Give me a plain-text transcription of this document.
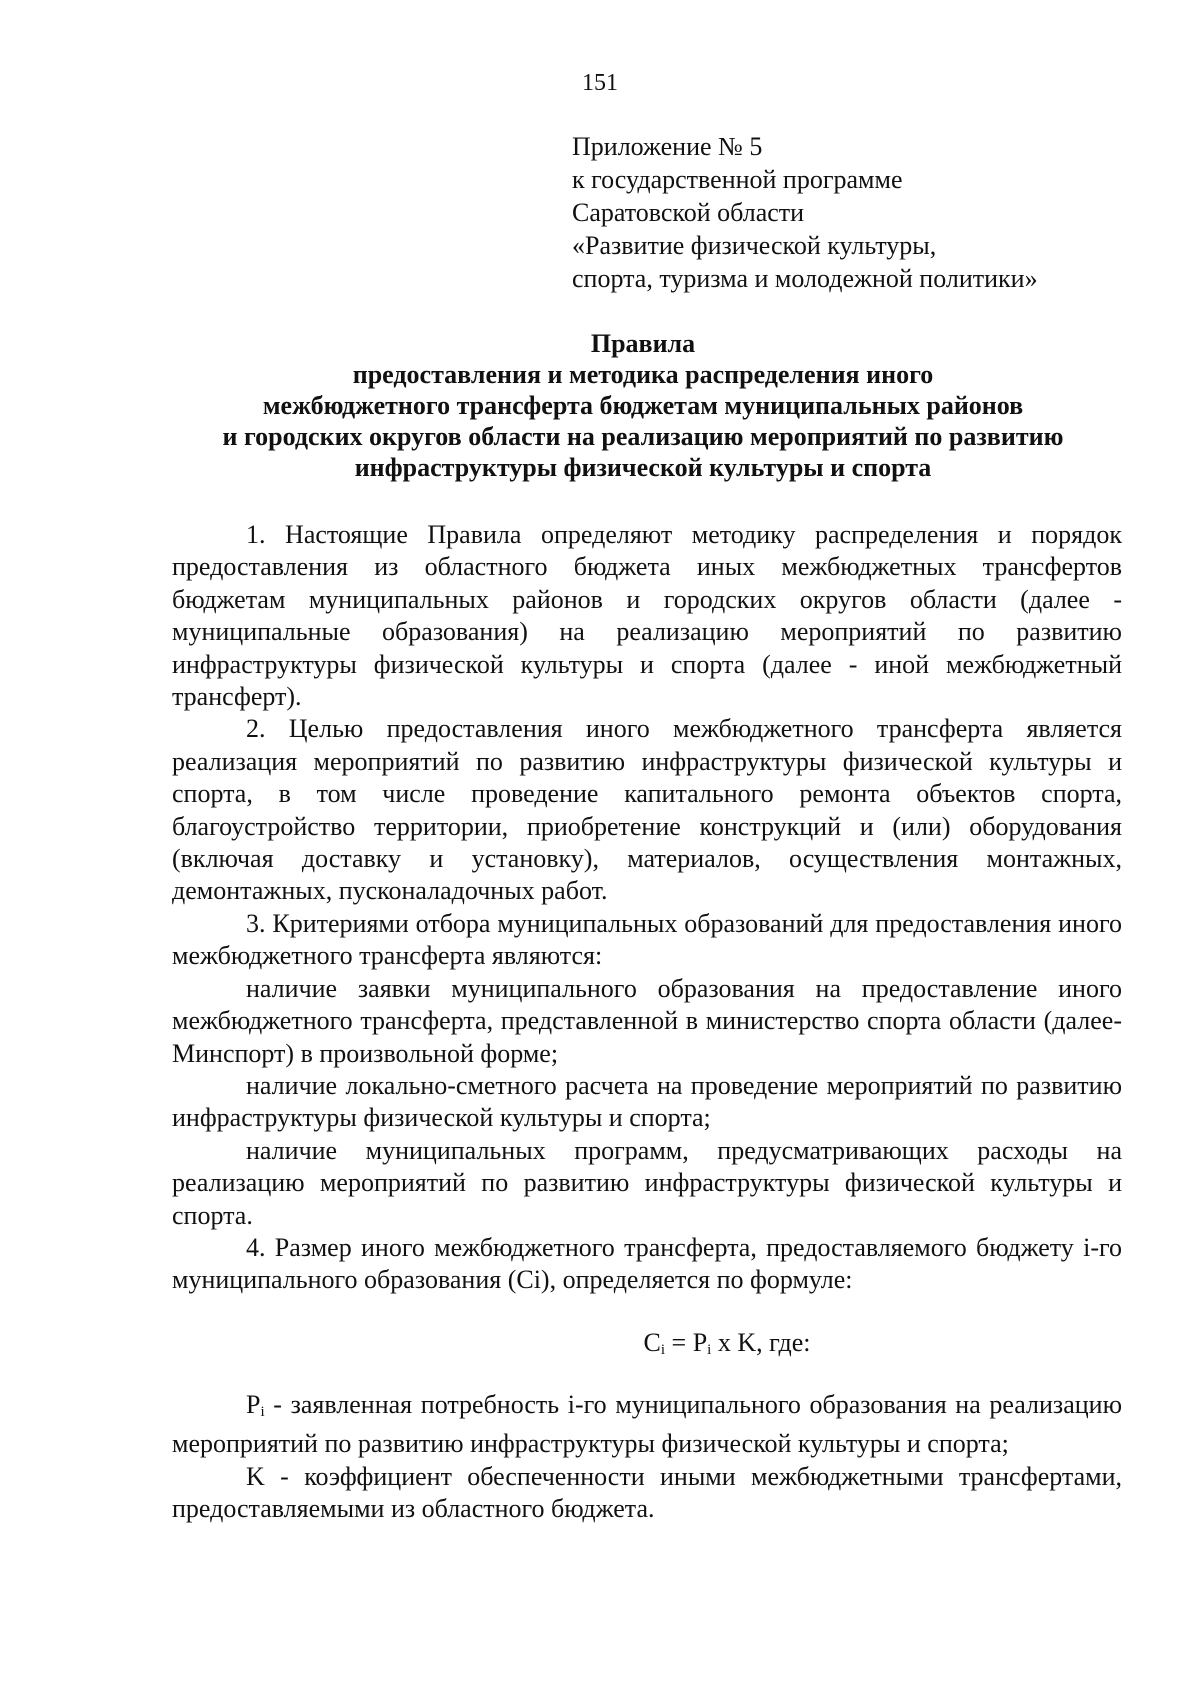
151
Приложение № 5
к государственной программе
Саратовской области
«Развитие физической культуры,
спорта, туризма и молодежной политики»
Правила
предоставления и методика распределения иного
межбюджетного трансферта бюджетам муниципальных районов
и городских округов области на реализацию мероприятий по развитию
инфраструктуры физической культуры и спорта

1. Настоящие Правила определяют методику распределения и порядок предоставления из областного бюджета иных межбюджетных трансфертов бюджетам муниципальных районов и городских округов области (далее - муниципальные образования) на реализацию мероприятий по развитию инфраструктуры физической культуры и спорта (далее - иной межбюджетный трансферт).

2. Целью предоставления иного межбюджетного трансферта является реализация мероприятий по развитию инфраструктуры физической культуры и спорта, в том числе проведение капитального ремонта объектов спорта, благоустройство территории, приобретение конструкций и (или) оборудования (включая доставку и установку), материалов, осуществления монтажных, демонтажных, пусконаладочных работ.

3. Критериями отбора муниципальных образований для предоставления иного межбюджетного трансферта являются:

наличие заявки муниципального образования на предоставление иного межбюджетного трансферта, представленной в министерство спорта области (далее-Минспорт) в произвольной форме;

наличие локально-сметного расчета на проведение мероприятий по развитию инфраструктуры физической культуры и спорта;

наличие муниципальных программ, предусматривающих расходы на реализацию мероприятий по развитию инфраструктуры физической культуры и спорта.

4. Размер иного межбюджетного трансферта, предоставляемого бюджету i-го муниципального образования (Ci), определяется по формуле:

$C_i = P_i$ х K, где:

$P_i$ - заявленная потребность i-го муниципального образования на реализацию мероприятий по развитию инфраструктуры физической культуры и спорта;

K - коэффициент обеспеченности иными межбюджетными трансфертами, предоставляемыми из областного бюджета.
